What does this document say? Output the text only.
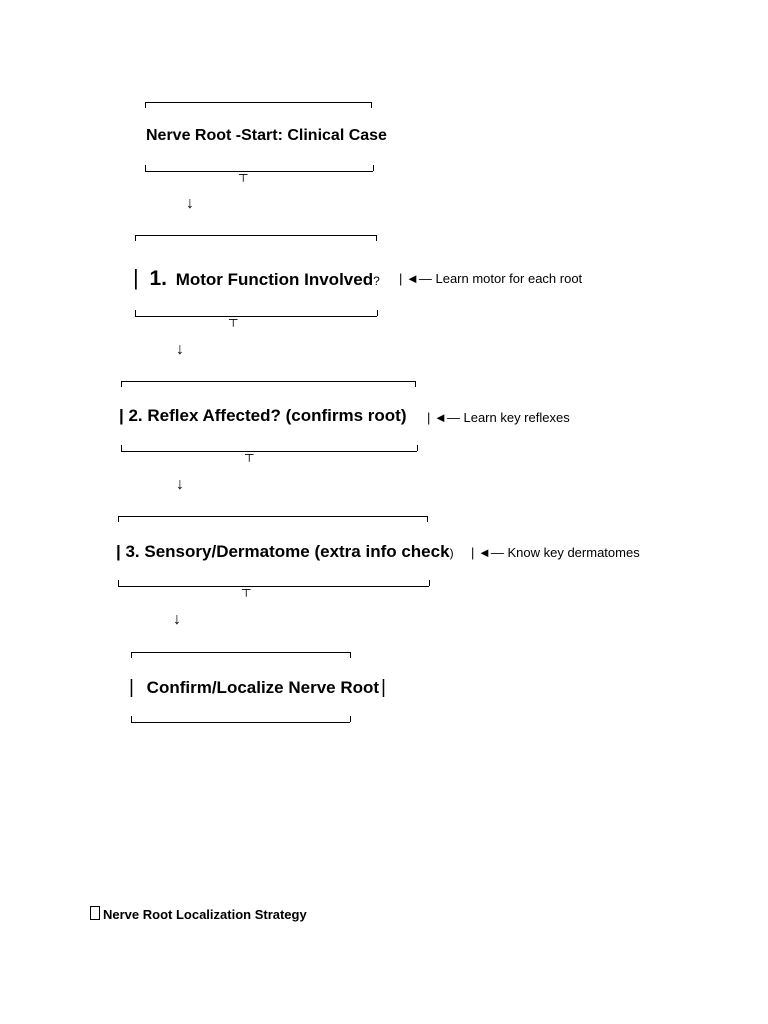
Nerve Root -Start: Clinical Case
┬
↓
| 1. Motor Function Involved? | ◄— Learn motor for each root
┬
↓
| 2. Reflex Affected? (confirms root) | ◄— Learn key reflexes
┬
↓
| 3. Sensory/Dermatome (extra info check) | ◄— Know key dermatomes
┬
↓
| Confirm/Localize Nerve Root |
Nerve Root Localization Strategy
